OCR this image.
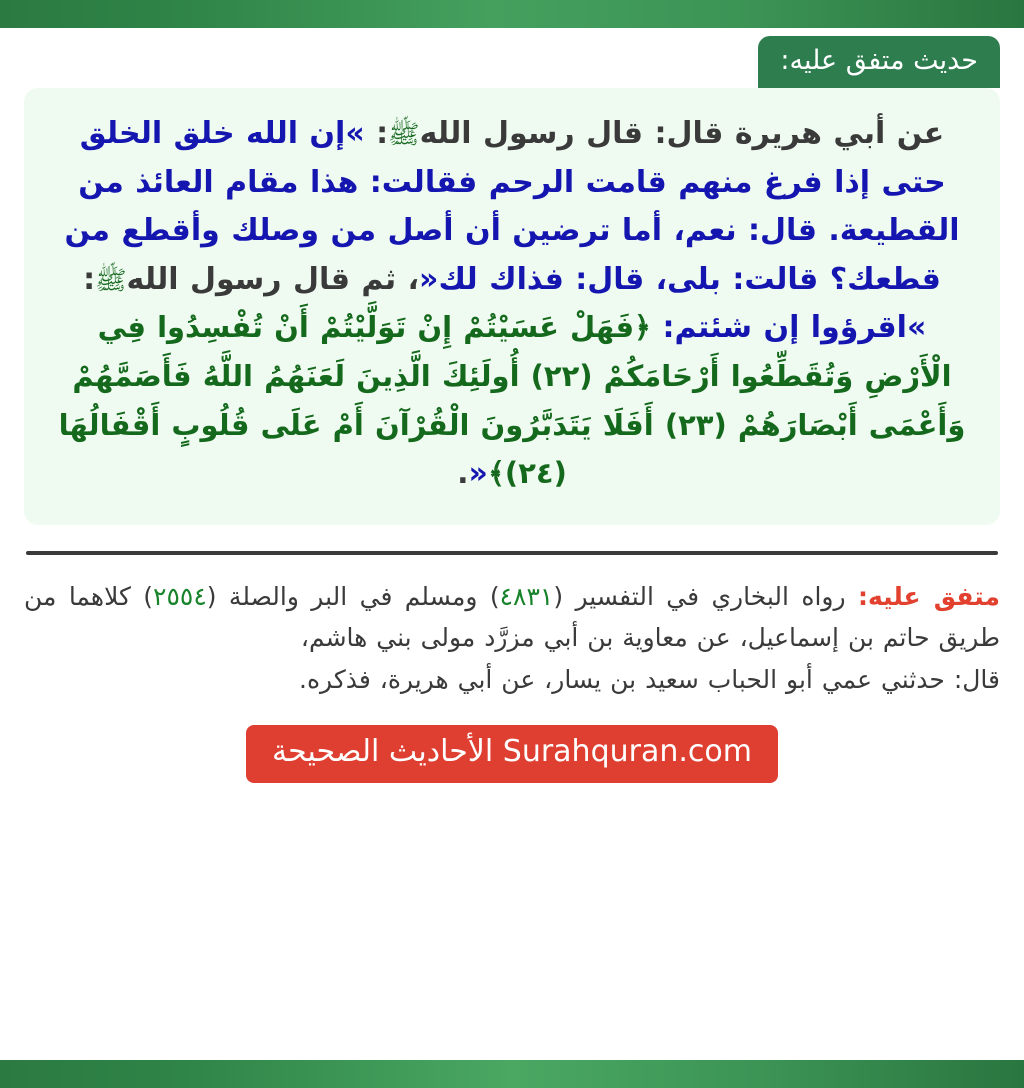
حديث متفق عليه:
عن أبي هريرة قال: قال رسول اللهﷺ: »إن الله خلق الخلق حتى إذا فرغ منهم قامت الرحم فقالت: هذا مقام العائذ من القطيعة. قال: نعم، أما ترضين أن أصل من وصلك وأقطع من قطعك؟ قالت: بلى، قال: فذاك لك«، ثم قال رسول اللهﷺ: »اقرؤوا إن شئتم: ﴿فَهَلْ عَسَيْتُمْ إِنْ تَوَلَّيْتُمْ أَنْ تُفْسِدُوا فِي الْأَرْضِ وَتُقَطِّعُوا أَرْحَامَكُمْ (٢٢) أُولَئِكَ الَّذِينَ لَعَنَهُمُ اللَّهُ فَأَصَمَّهُمْ وَأَعْمَى أَبْصَارَهُمْ (٢٣) أَفَلَا يَتَدَبَّرُونَ الْقُرْآنَ أَمْ عَلَى قُلُوبٍ أَقْفَالُهَا (٢٤)﴾«.

متفق عليه: رواه البخاري في التفسير (٤٨٣١) ومسلم في البر والصلة (٢٥٥٤) كلاهما من

طريق حاتم بن إسماعيل، عن معاوية بن أبي مزرَّد مولى بني هاشم،

قال: حدثني عمي أبو الحباب سعيد بن يسار، عن أبي هريرة، فذكره.

Surahquran.com الأحاديث الصحيحة
